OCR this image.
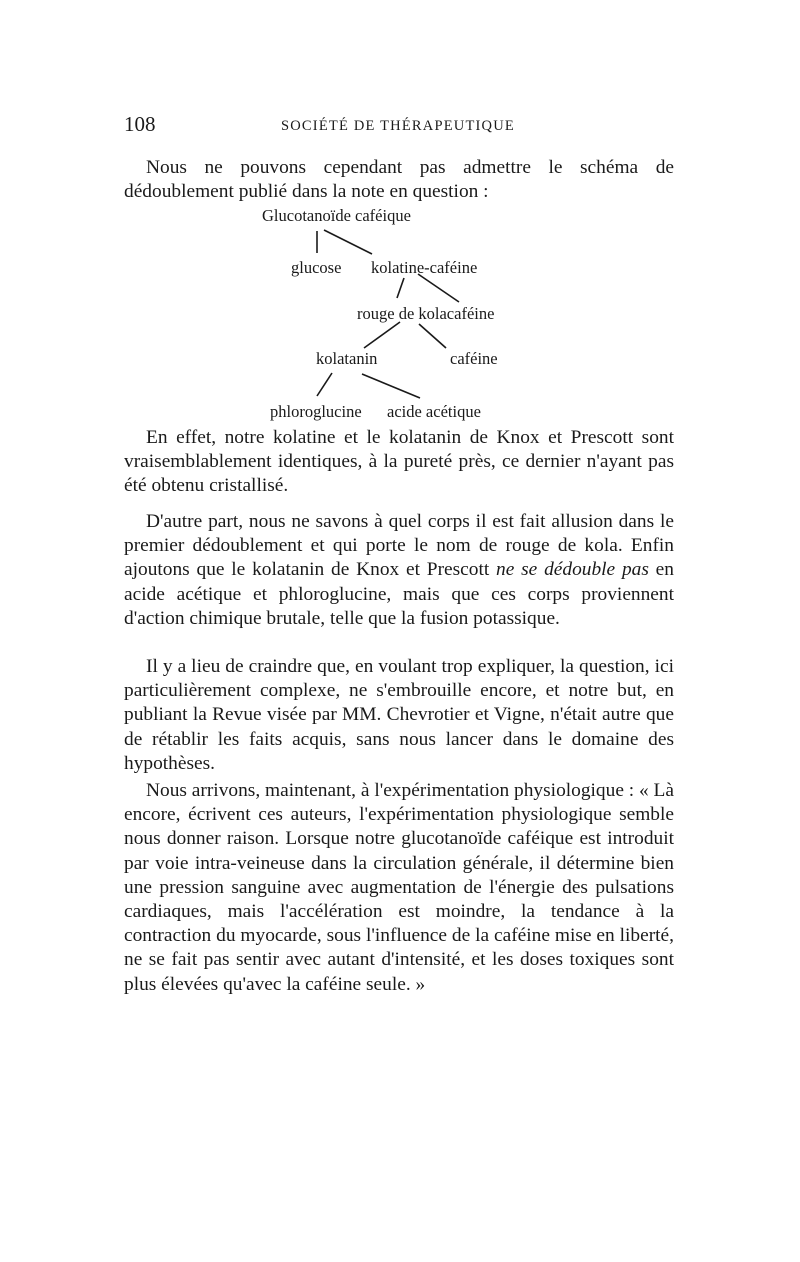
108	SOCIÉTÉ DE THÉRAPEUTIQUE

Nous ne pouvons cependant pas admettre le schéma de dédoublement publié dans la note en question :

Glucotanoïde caféique
glucose kolatine-caféine
rouge de kolacaféine
kolatanin	caféine
phloroglucine acide acétique

En effet, notre kolatine et le kolatanin de Knox et Prescott sont vraisemblablement identiques, à la pureté près, ce dernier n'ayant pas été obtenu cristallisé.

D'autre part, nous ne savons à quel corps il est fait allusion dans le premier dédoublement et qui porte le nom de rouge de kola. Enfin ajoutons que le kolatanin de Knox et Prescott ne se dédouble pas en acide acétique et phloroglucine, mais que ces corps proviennent d'action chimique brutale, telle que la fusion potassique.

Il y a lieu de craindre que, en voulant trop expliquer, la question, ici particulièrement complexe, ne s'embrouille encore, et notre but, en publiant la Revue visée par MM. Chevrotier et Vigne, n'était autre que de rétablir les faits acquis, sans nous lancer dans le domaine des hypothèses.

Nous arrivons, maintenant, à l'expérimentation physiologique : « Là encore, écrivent ces auteurs, l'expérimentation physiologique semble nous donner raison. Lorsque notre glucotanoïde caféique est introduit par voie intra-veineuse dans la circulation générale, il détermine bien une pression sanguine avec augmentation de l'énergie des pulsations cardiaques, mais l'accélération est moindre, la tendance à la contraction du myocarde, sous l'influence de la caféine mise en liberté, ne se fait pas sentir avec autant d'intensité, et les doses toxiques sont plus élevées qu'avec la caféine seule. »
